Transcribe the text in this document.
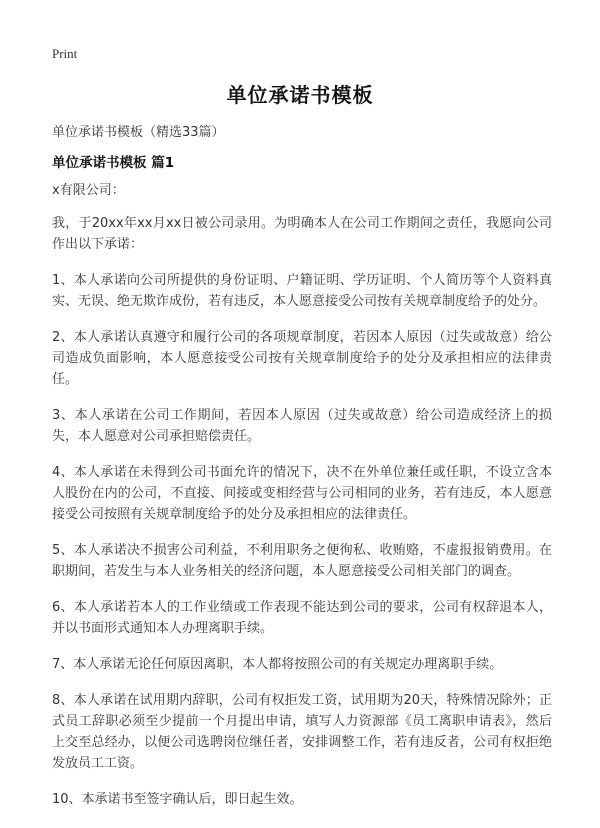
Print
单位承诺书模板
单位承诺书模板（精选33篇）
单位承诺书模板 篇1

x有限公司：

我，于20xx年xx月xx日被公司录用。为明确本人在公司工作期间之责任，我愿向公司作出以下承诺：

1、本人承诺向公司所提供的身份证明、户籍证明、学历证明、个人简历等个人资料真实、无误、绝无欺诈成份，若有违反，本人愿意接受公司按有关规章制度给予的处分。

2、本人承诺认真遵守和履行公司的各项规章制度，若因本人原因（过失或故意）给公司造成负面影响，本人愿意接受公司按有关规章制度给予的处分及承担相应的法律责任。

3、本人承诺在公司工作期间，若因本人原因（过失或故意）给公司造成经济上的损失，本人愿意对公司承担赔偿责任。

4、本人承诺在未得到公司书面允许的情况下，决不在外单位兼任或任职，不设立含本人股份在内的公司，不直接、间接或变相经营与公司相同的业务，若有违反，本人愿意接受公司按照有关规章制度给予的处分及承担相应的法律责任。

5、本人承诺决不损害公司利益，不利用职务之便徇私、收贿赂，不虚报报销费用。在职期间，若发生与本人业务相关的经济问题，本人愿意接受公司相关部门的调查。

6、本人承诺若本人的工作业绩或工作表现不能达到公司的要求，公司有权辞退本人，并以书面形式通知本人办理离职手续。

7、本人承诺无论任何原因离职，本人都将按照公司的有关规定办理离职手续。

8、本人承诺在试用期内辞职，公司有权拒发工资，试用期为20天，特殊情况除外；正式员工辞职必须至少提前一个月提出申请，填写人力资源部《员工离职申请表》，然后上交至总经办，以便公司选聘岗位继任者，安排调整工作，若有违反者，公司有权拒绝发放员工工资。

10、本承诺书至签字确认后，即日起生效。
